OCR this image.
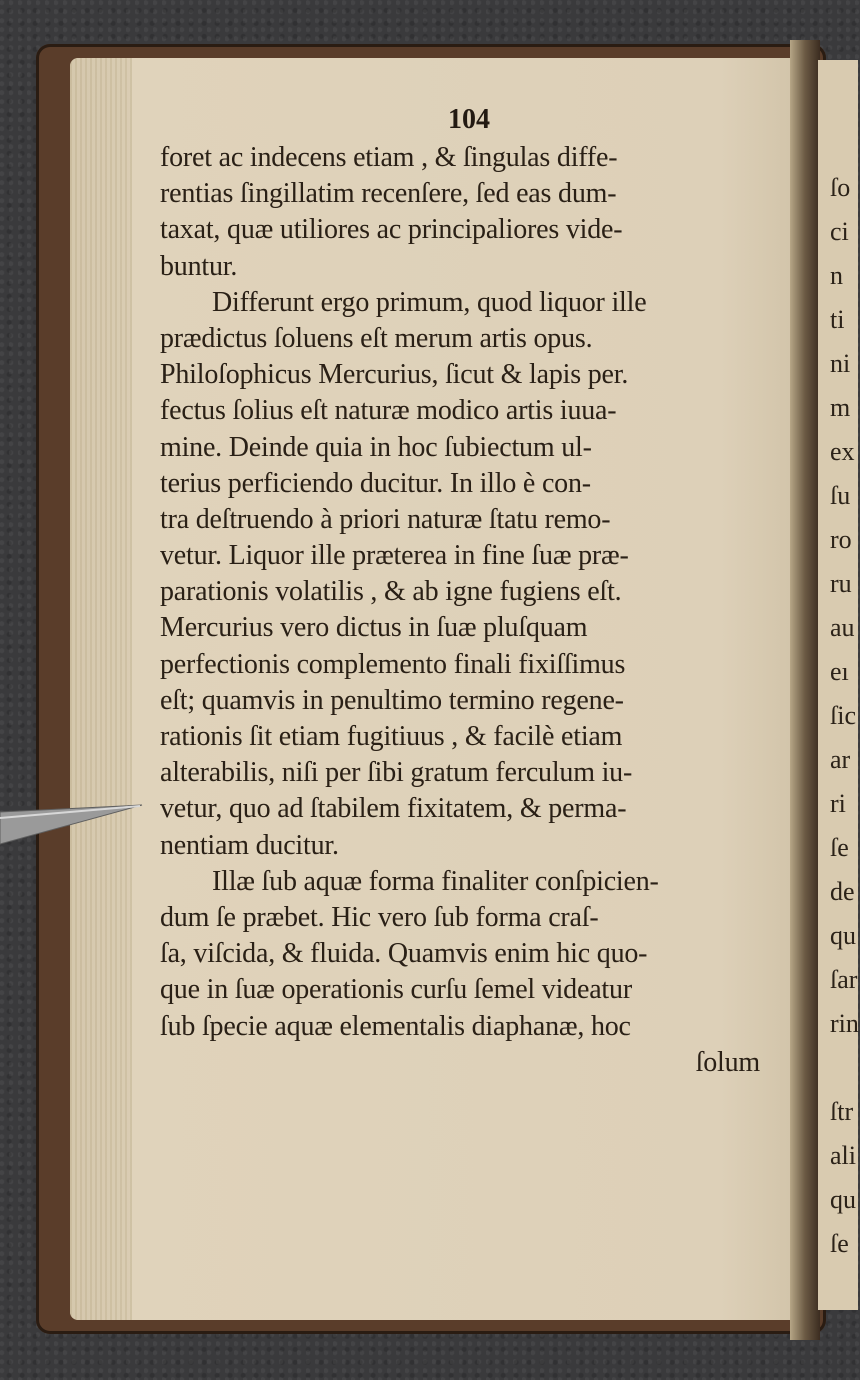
ſo
ci
n
ti
ni
m
ex
ſu
ro
ru
au
eı
ſic
ar
ri
ſe
de
qu
ſar
rin
ſtr
ali
qu
ſe
104
foret ac indecens etiam , & ſingulas diffe-
rentias ſingillatim recenſere, ſed eas dum-
taxat, quæ utiliores ac principaliores vide-
buntur.
Differunt ergo primum, quod liquor ille
prædictus ſoluens eſt merum artis opus.
Philoſophicus Mercurius, ſicut & lapis per.
fectus ſolius eſt naturæ modico artis iuua-
mine. Deinde quia in hoc ſubiectum ul-
terius perficiendo ducitur. In illo è con-
tra deſtruendo à priori naturæ ſtatu remo-
vetur. Liquor ille præterea in fine ſuæ præ-
parationis volatilis , & ab igne fugiens eſt.
Mercurius vero dictus in ſuæ pluſquam
perfectionis complemento finali fixiſſimus
eſt; quamvis in penultimo termino regene-
rationis ſit etiam fugitiuus , & facilè etiam
alterabilis, niſi per ſibi gratum ferculum iu-
vetur, quo ad ſtabilem fixitatem, & perma-
nentiam ducitur.
Illæ ſub aquæ forma finaliter conſpicien-
dum ſe præbet. Hic vero ſub forma craſ-
ſa, viſcida, & fluida. Quamvis enim hic quo-
que in ſuæ operationis curſu ſemel videatur
ſub ſpecie aquæ elementalis diaphanæ, hoc
ſolum
